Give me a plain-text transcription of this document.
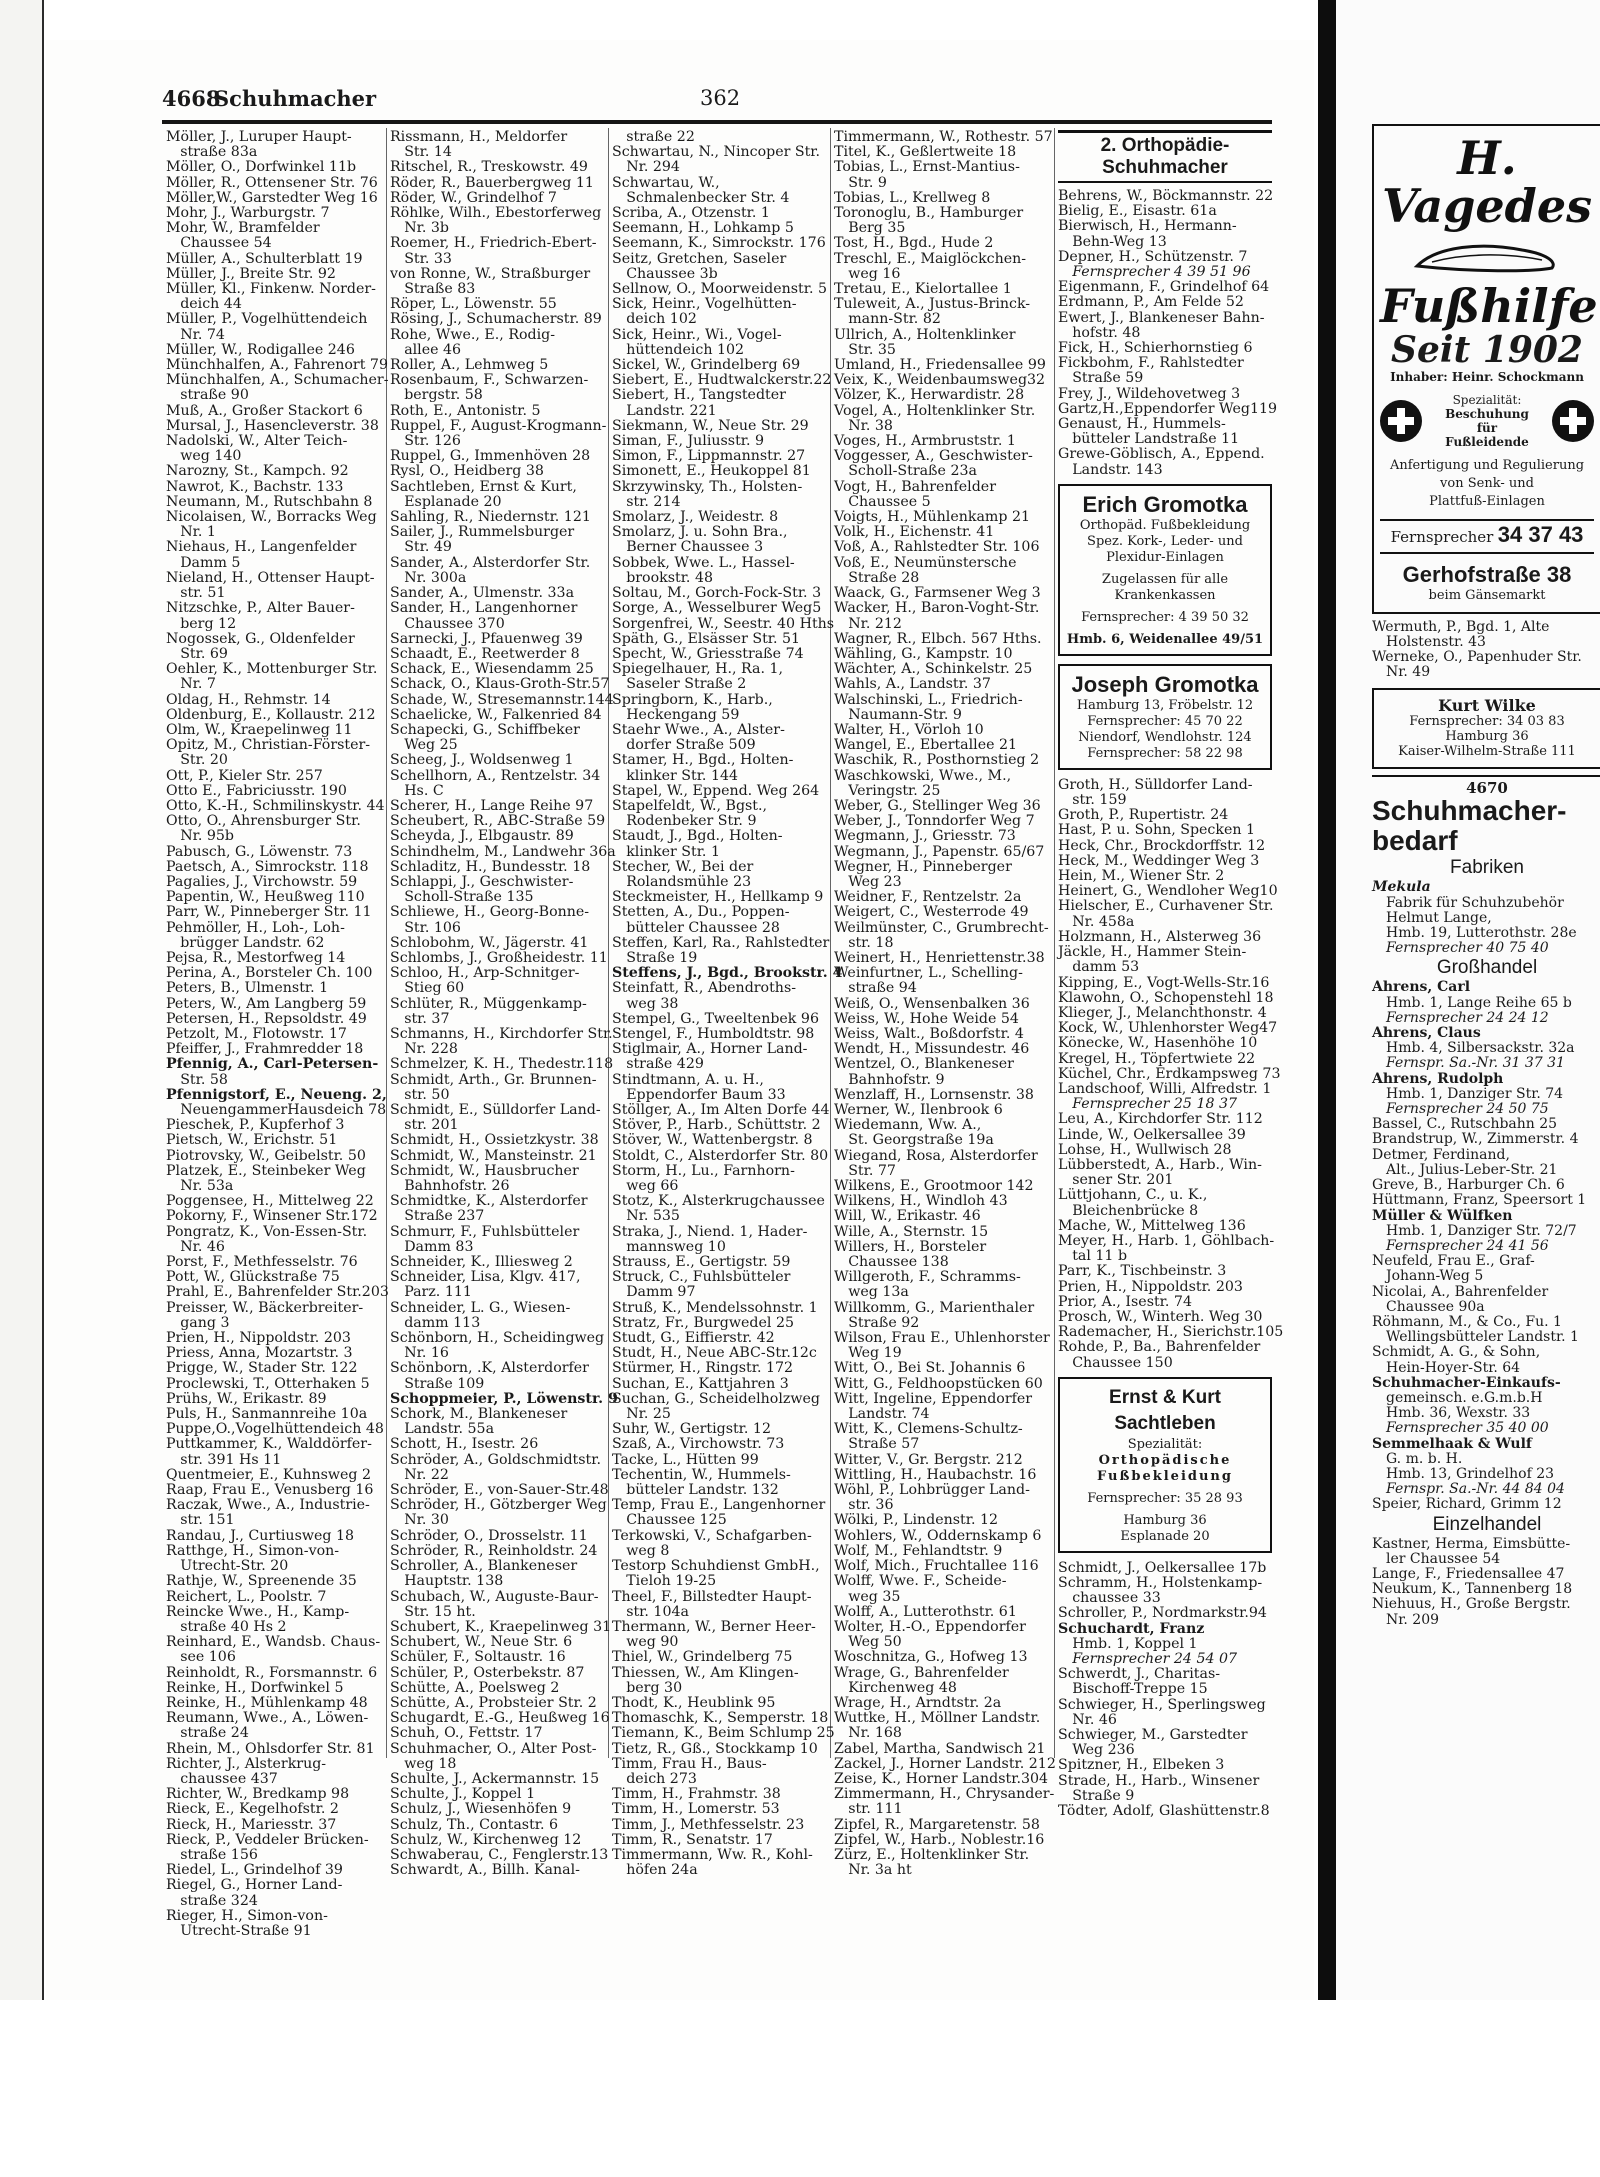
4668
Schuhmacher	362

Möller, J., Luruper Haupt-

 straße 83a

Möller, O., Dorfwinkel 11b

Möller, R., Ottensener Str. 76

Möller,W., Garstedter Weg 16

Mohr, J., Warburgstr. 7

Mohr, W., Bramfelder

 Chaussee 54

Müller, A., Schulterblatt 19

Müller, J., Breite Str. 92

Müller, Kl., Finkenw. Norder-

 deich 44

Müller, P., Vogelhüttendeich

 Nr. 74

Müller, W., Rodigallee 246

Münchhalfen, A., Fahrenort 79

Münchhalfen, A., Schumacher-

 straße 90

Muß, A., Großer Stackort 6

Mursal, J., Hasencleverstr. 38

Nadolski, W., Alter Teich-

 weg 140

Narozny, St., Kampch. 92

Nawrot, K., Bachstr. 133

Neumann, M., Rutschbahn 8

Nicolaisen, W., Borracks Weg

 Nr. 1

Niehaus, H., Langenfelder

 Damm 5

Nieland, H., Ottenser Haupt-

 str. 51

Nitzschke, P., Alter Bauer-

 berg 12

Nogossek, G., Oldenfelder

 Str. 69

Oehler, K., Mottenburger Str.

 Nr. 7

Oldag, H., Rehmstr. 14

Oldenburg, E., Kollaustr. 212

Olm, W., Kraepelinweg 11

Opitz, M., Christian-Förster-

 Str. 20

Ott, P., Kieler Str. 257

Otto E., Fabriciusstr. 190

Otto, K.-H., Schmilinskystr. 44

Otto, O., Ahrensburger Str.

 Nr. 95b

Pabusch, G., Löwenstr. 73

Paetsch, A., Simrockstr. 118

Pagalies, J., Virchowstr. 59

Papentin, W., Heußweg 110

Parr, W., Pinneberger Str. 11

Pehmöller, H., Loh-, Loh-

 brügger Landstr. 62

Pejsa, R., Mestorfweg 14

Perina, A., Borsteler Ch. 100

Peters, B., Ulmenstr. 1

Peters, W., Am Langberg 59

Petersen, H., Repsoldstr. 49

Petzolt, M., Flotowstr. 17

Pfeiffer, J., Frahmredder 18

Pfennig, A., Carl-Petersen-

 Str. 58

Pfennigstorf, E., Neueng. 2,

 NeuengammerHausdeich 78

Pieschek, P., Kupferhof 3

Pietsch, W., Erichstr. 51

Piotrovsky, W., Geibelstr. 50

Platzek, E., Steinbeker Weg

 Nr. 53a

Poggensee, H., Mittelweg 22

Pokorny, F., Winsener Str.172

Pongratz, K., Von-Essen-Str.

 Nr. 46

Porst, F., Methfesselstr. 76

Pott, W., Glückstraße 75

Prahl, E., Bahrenfelder Str.203

Preisser, W., Bäckerbreiter-

 gang 3

Prien, H., Nippoldstr. 203

Priess, Anna, Mozartstr. 3

Prigge, W., Stader Str. 122

Proclewski, T., Otterhaken 5

Prühs, W., Erikastr. 89

Puls, H., Sanmannreihe 10a

Puppe,O.,Vogelhüttendeich 48

Puttkammer, K., Walddörfer-

 str. 391 Hs 11

Quentmeier, E., Kuhnsweg 2

Raap, Frau E., Venusberg 16

Raczak, Wwe., A., Industrie-

 str. 151

Randau, J., Curtiusweg 18

Ratthge, H., Simon-von-

 Utrecht-Str. 20

Rathje, W., Spreenende 35

Reichert, L., Poolstr. 7

Reincke Wwe., H., Kamp-

 straße 40 Hs 2

Reinhard, E., Wandsb. Chaus-

 see 106

Reinholdt, R., Forsmannstr. 6

Reinke, H., Dorfwinkel 5

Reinke, H., Mühlenkamp 48

Reumann, Wwe., A., Löwen-

 straße 24

Rhein, M., Ohlsdorfer Str. 81

Richter, J., Alsterkrug-

 chaussee 437

Richter, W., Bredkamp 98

Rieck, E., Kegelhofstr. 2

Rieck, H., Mariesstr. 37

Rieck, P., Veddeler Brücken-

 straße 156

Riedel, L., Grindelhof 39

Riegel, G., Horner Land-

 straße 324

Rieger, H., Simon-von-

 Utrecht-Straße 91

Rissmann, H., Meldorfer

 Str. 14

Ritschel, R., Treskowstr. 49

Röder, R., Bauerbergweg 11

Röder, W., Grindelhof 7

Röhlke, Wilh., Ebestorferweg

 Nr. 3b

Roemer, H., Friedrich-Ebert-

 Str. 33

von Ronne, W., Straßburger

 Straße 83

Röper, L., Löwenstr. 55

Rösing, J., Schumacherstr. 89

Rohe, Wwe., E., Rodig-

 allee 46

Roller, A., Lehmweg 5

Rosenbaum, F., Schwarzen-

 bergstr. 58

Roth, E., Antonistr. 5

Ruppel, F., August-Krogmann-

 Str. 126

Ruppel, G., Immenhöven 28

Rysl, O., Heidberg 38

Sachtleben, Ernst & Kurt,

 Esplanade 20

Sahling, R., Niedernstr. 121

Sailer, J., Rummelsburger

 Str. 49

Sander, A., Alsterdorfer Str.

 Nr. 300a

Sander, A., Ulmenstr. 33a

Sander, H., Langenhorner

 Chaussee 370

Sarnecki, J., Pfauenweg 39

Schaadt, E., Reetwerder 8

Schack, E., Wiesendamm 25

Schack, O., Klaus-Groth-Str.57

Schade, W., Stresemannstr.144

Schaelicke, W., Falkenried 84

Schapecki, G., Schiffbeker

 Weg 25

Scheeg, J., Woldsenweg 1

Schellhorn, A., Rentzelstr. 34

 Hs. C

Scherer, H., Lange Reihe 97

Scheubert, R., ABC-Straße 59

Scheyda, J., Elbgaustr. 89

Schindhelm, M., Landwehr 36a

Schladitz, H., Bundesstr. 18

Schlappi, J., Geschwister-

 Scholl-Straße 135

Schliewe, H., Georg-Bonne-

 Str. 106

Schlobohm, W., Jägerstr. 41

Schlombs, J., Großheidestr. 11

Schloo, H., Arp-Schnitger-

 Stieg 60

Schlüter, R., Müggenkamp-

 str. 37

Schmanns, H., Kirchdorfer Str.

 Nr. 228

Schmelzer, K. H., Thedestr.118

Schmidt, Arth., Gr. Brunnen-

 str. 50

Schmidt, E., Sülldorfer Land-

 str. 201

Schmidt, H., Ossietzkystr. 38

Schmidt, W., Mansteinstr. 21

Schmidt, W., Hausbrucher

 Bahnhofstr. 26

Schmidtke, K., Alsterdorfer

 Straße 237

Schmurr, F., Fuhlsbütteler

 Damm 83

Schneider, K., Illiesweg 2

Schneider, Lisa, Klgv. 417,

 Parz. 111

Schneider, L. G., Wiesen-

 damm 113

Schönborn, H., Scheidingweg

 Nr. 16

Schönborn, .K, Alsterdorfer

 Straße 109

Schoppmeier, P., Löwenstr. 9

Schork, M., Blankeneser

 Landstr. 55a

Schott, H., Isestr. 26

Schröder, A., Goldschmidtstr.

 Nr. 22

Schröder, E., von-Sauer-Str.48

Schröder, H., Götzberger Weg

 Nr. 30

Schröder, O., Drosselstr. 11

Schröder, R., Reinholdstr. 24

Schroller, A., Blankeneser

 Hauptstr. 138

Schubach, W., Auguste-Baur-

 Str. 15 ht.

Schubert, K., Kraepelinweg 31

Schubert, W., Neue Str. 6

Schüler, F., Soltaustr. 16

Schüler, P., Osterbekstr. 87

Schütte, A., Poelsweg 2

Schütte, A., Probsteier Str. 2

Schugardt, E.-G., Heußweg 16

Schuh, O., Fettstr. 17

Schuhmacher, O., Alter Post-

 weg 18

Schulte, J., Ackermannstr. 15

Schulte, J., Koppel 1

Schulz, J., Wiesenhöfen 9

Schulz, Th., Contastr. 6

Schulz, W., Kirchenweg 12

Schwaberau, C., Fenglerstr.13

Schwardt, A., Billh. Kanal-

 straße 22

Schwartau, N., Nincoper Str.

 Nr. 294

Schwartau, W.,

 Schmalenbecker Str. 4

Scriba, A., Otzenstr. 1

Seemann, H., Lohkamp 5

Seemann, K., Simrockstr. 176

Seitz, Gretchen, Saseler

 Chaussee 3b

Sellnow, O., Moorweidenstr. 5

Sick, Heinr., Vogelhütten-

 deich 102

Sick, Heinr., Wi., Vogel-

 hüttendeich 102

Sickel, W., Grindelberg 69

Siebert, E., Hudtwalckerstr.22

Siebert, H., Tangstedter

 Landstr. 221

Siekmann, W., Neue Str. 29

Siman, F., Juliusstr. 9

Simon, F., Lippmannstr. 27

Simonett, E., Heukoppel 81

Skrzywinsky, Th., Holsten-

 str. 214

Smolarz, J., Weidestr. 8

Smolarz, J. u. Sohn Bra.,

 Berner Chaussee 3

Sobbek, Wwe. L., Hassel-

 brookstr. 48

Soltau, M., Gorch-Fock-Str. 3

Sorge, A., Wesselburer Weg5

Sorgenfrei, W., Seestr. 40 Hths

Späth, G., Elsässer Str. 51

Specht, W., Griesstraße 74

Spiegelhauer, H., Ra. 1,

 Saseler Straße 2

Springborn, K., Harb.,

 Heckengang 59

Staehr Wwe., A., Alster-

 dorfer Straße 509

Stamer, H., Bgd., Holten-

 klinker Str. 144

Stapel, W., Eppend. Weg 264

Stapelfeldt, W., Bgst.,

 Rodenbeker Str. 9

Staudt, J., Bgd., Holten-

 klinker Str. 1

Stecher, W., Bei der

 Rolandsmühle 23

Steckmeister, H., Hellkamp 9

Stetten, A., Du., Poppen-

 bütteler Chaussee 28

Steffen, Karl, Ra., Rahlstedter

 Straße 19

Steffens, J., Bgd., Brookstr. 4

Steinfatt, R., Abendroths-

 weg 38

Stempel, G., Tweeltenbek 96

Stengel, F., Humboldtstr. 98

Stiglmair, A., Horner Land-

 straße 429

Stindtmann, A. u. H.,

 Eppendorfer Baum 33

Stöllger, A., Im Alten Dorfe 44

Stöver, P., Harb., Schüttstr. 2

Stöver, W., Wattenbergstr. 8

Stoldt, C., Alsterdorfer Str. 80

Storm, H., Lu., Farnhorn-

 weg 66

Stotz, K., Alsterkrugchaussee

 Nr. 535

Straka, J., Niend. 1, Hader-

 mannsweg 10

Strauss, E., Gertigstr. 59

Struck, C., Fuhlsbütteler

 Damm 97

Struß, K., Mendelssohnstr. 1

Stratz, Fr., Burgwedel 25

Studt, G., Eiffierstr. 42

Studt, H., Neue ABC-Str.12c

Stürmer, H., Ringstr. 172

Suchan, E., Kattjahren 3

Suchan, G., Scheidelholzweg

 Nr. 25

Suhr, W., Gertigstr. 12

Szaß, A., Virchowstr. 73

Tacke, L., Hütten 99

Techentin, W., Hummels-

 bütteler Landstr. 132

Temp, Frau E., Langenhorner

 Chaussee 125

Terkowski, V., Schafgarben-

 weg 8

Testorp Schuhdienst GmbH.,

 Tieloh 19-25

Theel, F., Billstedter Haupt-

 str. 104a

Thermann, W., Berner Heer-

 weg 90

Thiel, W., Grindelberg 75

Thiessen, W., Am Klingen-

 berg 30

Thodt, K., Heublink 95

Thomaschk, K., Semperstr. 18

Tiemann, K., Beim Schlump 25

Tietz, R., Gß., Stockkamp 10

Timm, Frau H., Baus-

 deich 273

Timm, H., Frahmstr. 38

Timm, H., Lomerstr. 53

Timm, J., Methfesselstr. 23

Timm, R., Senatstr. 17

Timmermann, Ww. R., Kohl-

 höfen 24a

Timmermann, W., Rothestr. 57

Titel, K., Geßlertweite 18

Tobias, L., Ernst-Mantius-

 Str. 9

Tobias, L., Krellweg 8

Toronoglu, B., Hamburger

 Berg 35

Tost, H., Bgd., Hude 2

Treschl, E., Maiglöckchen-

 weg 16

Tretau, E., Kielortallee 1

Tuleweit, A., Justus-Brinck-

 mann-Str. 82

Ullrich, A., Holtenklinker

 Str. 35

Umland, H., Friedensallee 99

Veix, K., Weidenbaumsweg32

Völzer, K., Herwardistr. 28

Vogel, A., Holtenklinker Str.

 Nr. 38

Voges, H., Armbruststr. 1

Voggesser, A., Geschwister-

 Scholl-Straße 23a

Vogt, H., Bahrenfelder

 Chaussee 5

Voigts, H., Mühlenkamp 21

Volk, H., Eichenstr. 41

Voß, A., Rahlstedter Str. 106

Voß, E., Neumünstersche

 Straße 28

Waack, G., Farmsener Weg 3

Wacker, H., Baron-Voght-Str.

 Nr. 212

Wagner, R., Elbch. 567 Hths.

Wähling, G., Kampstr. 10

Wächter, A., Schinkelstr. 25

Wahls, A., Landstr. 37

Walschinski, L., Friedrich-

 Naumann-Str. 9

Walter, H., Vörloh 10

Wangel, E., Ebertallee 21

Waschik, R., Posthornstieg 2

Waschkowski, Wwe., M.,

 Veringstr. 25

Weber, G., Stellinger Weg 36

Weber, J., Tonndorfer Weg 7

Wegmann, J., Griesstr. 73

Wegmann, J., Papenstr. 65/67

Wegner, H., Pinneberger

 Weg 23

Weidner, F., Rentzelstr. 2a

Weigert, C., Westerrode 49

Weilmünster, C., Grumbrecht-

 str. 18

Weinert, H., Henriettenstr.38

Weinfurtner, L., Schelling-

 straße 94

Weiß, O., Wensenbalken 36

Weiss, W., Hohe Weide 54

Weiss, Walt., Boßdorfstr. 4

Wendt, H., Missundestr. 46

Wentzel, O., Blankeneser

 Bahnhofstr. 9

Wenzlaff, H., Lornsenstr. 38

Werner, W., Ilenbrook 6

Wiedemann, Ww. A.,

 St. Georgstraße 19a

Wiegand, Rosa, Alsterdorfer

 Str. 77

Wilkens, E., Grootmoor 142

Wilkens, H., Windloh 43

Will, W., Erikastr. 46

Wille, A., Sternstr. 15

Willers, H., Borsteler

 Chaussee 138

Willgeroth, F., Schramms-

 weg 13a

Willkomm, G., Marienthaler

 Straße 92

Wilson, Frau E., Uhlenhorster

 Weg 19

Witt, O., Bei St. Johannis 6

Witt, G., Feldhoopstücken 60

Witt, Ingeline, Eppendorfer

 Landstr. 74

Witt, K., Clemens-Schultz-

 Straße 57

Witter, V., Gr. Bergstr. 212

Wittling, H., Haubachstr. 16

Wöhl, P., Lohbrügger Land-

 str. 36

Wölki, P., Lindenstr. 12

Wohlers, W., Oddernskamp 6

Wolf, M., Fehlandtstr. 9

Wolf, Mich., Fruchtallee 116

Wolff, Wwe. F., Scheide-

 weg 35

Wolff, A., Lutterothstr. 61

Wolter, H.-O., Eppendorfer

 Weg 50

Woschnitza, G., Hofweg 13

Wrage, G., Bahrenfelder

 Kirchenweg 48

Wrage, H., Arndtstr. 2a

Wuttke, H., Möllner Landstr.

 Nr. 168

Zabel, Martha, Sandwisch 21

Zackel, J., Horner Landstr. 212

Zeise, K., Horner Landstr.304

Zimmermann, H., Chrysander-

 str. 111

Zipfel, R., Margaretenstr. 58

Zipfel, W., Harb., Noblestr.16

Zürz, E., Holtenklinker Str.

 Nr. 3a ht

2. Orthopädie-
Schuhmacher

Behrens, W., Böckmannstr. 22

Bielig, E., Eisastr. 61a

Bierwisch, H., Hermann-

 Behn-Weg 13

Depner, H., Schützenstr. 7

 Fernsprecher 4 39 51 96

Eigenmann, F., Grindelhof 64

Erdmann, P., Am Felde 52

Ewert, J., Blankeneser Bahn-

 hofstr. 48

Fick, H., Schierhornstieg 6

Fickbohm, F., Rahlstedter

 Straße 59

Frey, J., Wildehovetweg 3

Gartz,H.,Eppendorfer Weg119

Genaust, H., Hummels-

 bütteler Landstraße 11

Grewe-Göblisch, A., Eppend.

 Landstr. 143

Erich Gromotka
Orthopäd. Fußbekleidung
Spez. Kork-, Leder- und
Plexidur-Einlagen
Zugelassen für alle
Krankenkassen
Fernsprecher: 4 39 50 32
Hmb. 6, Weidenallee 49/51
Joseph Gromotka
Hamburg 13, Fröbelstr. 12
Fernsprecher: 45 70 22
Niendorf, Wendlohstr. 124
Fernsprecher: 58 22 98

Groth, H., Sülldorfer Land-

 str. 159

Groth, P., Rupertistr. 24

Hast, P. u. Sohn, Specken 1

Heck, Chr., Brockdorffstr. 12

Heck, M., Weddinger Weg 3

Hein, M., Wiener Str. 2

Heinert, G., Wendloher Weg10

Hielscher, E., Curhavener Str.

 Nr. 458a

Holzmann, H., Alsterweg 36

Jäckle, H., Hammer Stein-

 damm 53

Kipping, E., Vogt-Wells-Str.16

Klawohn, O., Schopenstehl 18

Klieger, J., Melanchthonstr. 4

Kock, W., Uhlenhorster Weg47

Könecke, W., Hasenhöhe 10

Kregel, H., Töpfertwiete 22

Küchel, Chr., Erdkampsweg 73

Landschoof, Willi, Alfredstr. 1

 Fernsprecher 25 18 37

Leu, A., Kirchdorfer Str. 112

Linde, W., Oelkersallee 39

Lohse, H., Wullwisch 28

Lübberstedt, A., Harb., Win-

 sener Str. 201

Lüttjohann, C., u. K.,

 Bleichenbrücke 8

Mache, W., Mittelweg 136

Meyer, H., Harb. 1, Göhlbach-

 tal 11 b

Parr, K., Tischbeinstr. 3

Prien, H., Nippoldstr. 203

Prior, A., Isestr. 74

Prosch, W., Winterh. Weg 30

Rademacher, H., Sierichstr.105

Rohde, P., Ba., Bahrenfelder

 Chaussee 150

Ernst & Kurt Sachtleben
Spezialität:
Orthopädische
Fußbekleidung
Fernsprecher: 35 28 93
Hamburg 36
Esplanade 20

Schmidt, J., Oelkersallee 17b

Schramm, H., Holstenkamp-

 chaussee 33

Schroller, P., Nordmarkstr.94

Schuchardt, Franz

 Hmb. 1, Koppel 1

 Fernsprecher 24 54 07

Schwerdt, J., Charitas-

 Bischoff-Treppe 15

Schwieger, H., Sperlingsweg

 Nr. 46

Schwieger, M., Garstedter

 Weg 236

Spitzner, H., Elbeken 3

Strade, H., Harb., Winsener

 Straße 9

Tödter, Adolf, Glashüttenstr.8

H. Vagedes
Fußhilfe
Seit 1902
Inhaber: Heinr. Schockmann
Spezialität:
Beschuhung
für
Fußleidende
Anfertigung und Regulierung
von Senk- und
Plattfuß-Einlagen
Fernsprecher 34 37 43
Gerhofstraße 38
beim Gänsemarkt

Wermuth, P., Bgd. 1, Alte

 Holstenstr. 43

Werneke, O., Papenhuder Str.

 Nr. 49

Kurt Wilke
Fernsprecher: 34 03 83
Hamburg 36
Kaiser-Wilhelm-Straße 111
4670
Schuhmacher-
bedarf
Fabriken

Mekula

 Fabrik für Schuhzubehör

 Helmut Lange,

 Hmb. 19, Lutterothstr. 28e

 Fernsprecher 40 75 40

Großhandel

Ahrens, Carl

 Hmb. 1, Lange Reihe 65 b

 Fernsprecher 24 24 12

Ahrens, Claus

 Hmb. 4, Silbersackstr. 32a

 Fernspr. Sa.-Nr. 31 37 31

Ahrens, Rudolph

 Hmb. 1, Danziger Str. 74

 Fernsprecher 24 50 75

Bassel, C., Rutschbahn 25

Brandstrup, W., Zimmerstr. 4

Detmer, Ferdinand,

 Alt., Julius-Leber-Str. 21

Greve, B., Harburger Ch. 6

Hüttmann, Franz, Speersort 1

Müller & Wülfken

 Hmb. 1, Danziger Str. 72/7

 Fernsprecher 24 41 56

Neufeld, Frau E., Graf-

 Johann-Weg 5

Nicolai, A., Bahrenfelder

 Chaussee 90a

Röhmann, M., & Co., Fu. 1

 Wellingsbütteler Landstr. 1

Schmidt, A. G., & Sohn,

 Hein-Hoyer-Str. 64

Schuhmacher-Einkaufs-

 gemeinsch. e.G.m.b.H

 Hmb. 36, Wexstr. 33

 Fernsprecher 35 40 00

Semmelhaak & Wulf

 G. m. b. H.

 Hmb. 13, Grindelhof 23

 Fernspr. Sa.-Nr. 44 84 04

Speier, Richard, Grimm 12

Einzelhandel

Kastner, Herma, Eimsbütte-

 ler Chaussee 54

Lange, F., Friedensallee 47

Neukum, K., Tannenberg 18

Niehuus, H., Große Bergstr.

 Nr. 209
